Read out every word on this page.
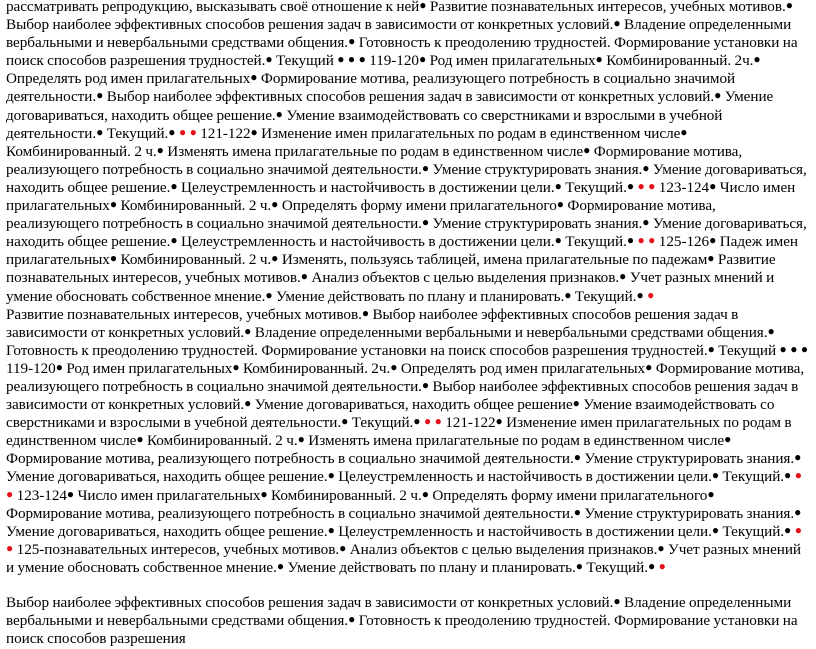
рассматривать репродукцию, высказывать своё отношение к ней● Развитие познавательных интересов, учебных мотивов.● Выбор наиболее эффективных способов решения задач в зависимости от конкретных условий.● Владение определенными вербальными и невербальными средствами общения.● Готовность к преодолению трудностей. Формирование установки на поиск способов разрешения трудностей.● Текущий ● ● ● 119-120● Род имен прилагательных● Комбинированный. 2ч.● Определять род имен прилагательных● Формирование мотива, реализующего потребность в социально значимой деятельности.● Выбор наиболее эффективных способов решения задач в зависимости от конкретных условий.● Умение договариваться, находить общее решение.● Умение взаимодействовать со сверстниками и взрослыми в учебной деятельности.● Текущий.● ● ● 121-122● Изменение имен прилагательных по родам в единственном числе● Комбинированный. 2 ч.● Изменять имена прилагательные по родам в единственном числе● Формирование мотива, реализующего потребность в социально значимой деятельности.● Умение структурировать знания.● Умение договариваться, находить общее решение.● Целеустремленность и настойчивость в достижении цели.● Текущий.● ● ● 123-124● Число имен прилагательных● Комбинированный. 2 ч.● Определять форму имени прилагательного● Формирование мотива, реализующего потребность в социально значимой деятельности.● Умение структурировать знания.● Умение договариваться, находить общее решение.● Целеустремленность и настойчивость в достижении цели.● Текущий.● ● ● 125-126● Падеж имен прилагательных● Комбинированный. 2 ч.● Изменять, пользуясь таблицей, имена прилагательные по падежам● Развитие познавательных интересов, учебных мотивов.● Анализ объектов с целью выделения признаков.● Учет разных мнений и умение обосновать собственное мнение.● Умение действовать по плану и планировать.● Текущий.● ●

Развитие познавательных интересов, учебных мотивов.● Выбор наиболее эффективных способов решения задач в зависимости от конкретных условий.● Владение определенными вербальными и невербальными средствами общения.● Готовность к преодолению трудностей. Формирование установки на поиск способов разрешения трудностей.● Текущий ● ● ● 119-120● Род имен прилагательных● Комбинированный. 2ч.● Определять род имен прилагательных● Формирование мотива, реализующего потребность в социально значимой деятельности.● Выбор наиболее эффективных способов решения задач в зависимости от конкретных условий.● Умение договариваться, находить общее решение● Умение взаимодействовать со сверстниками и взрослыми в учебной деятельности.● Текущий.● ● ● 121-122● Изменение имен прилагательных по родам в единственном числе● Комбинированный. 2 ч.● Изменять имена прилагательные по родам в единственном числе● Формирование мотива, реализующего потребность в социально значимой деятельности.● Умение структурировать знания.● Умение договариваться, находить общее решение.● Целеустремленность и настойчивость в достижении цели.● Текущий.● ● ● 123-124● Число имен прилагательных● Комбинированный. 2 ч.● Определять форму имени прилагательного● Формирование мотива, реализующего потребность в социально значимой деятельности.● Умение структурировать знания.● Умение договариваться, находить общее решение.● Целеустремленность и настойчивость в достижении цели.● Текущий.● ● ● 125-познавательных интересов, учебных мотивов.● Анализ объектов с целью выделения признаков.● Учет разных мнений и умение обосновать собственное мнение.● Умение действовать по плану и планировать.● Текущий.● ●

Выбор наиболее эффективных способов решения задач в зависимости от конкретных условий.● Владение определенными вербальными и невербальными средствами общения.● Готовность к преодолению трудностей. Формирование установки на поиск способов разрешения
